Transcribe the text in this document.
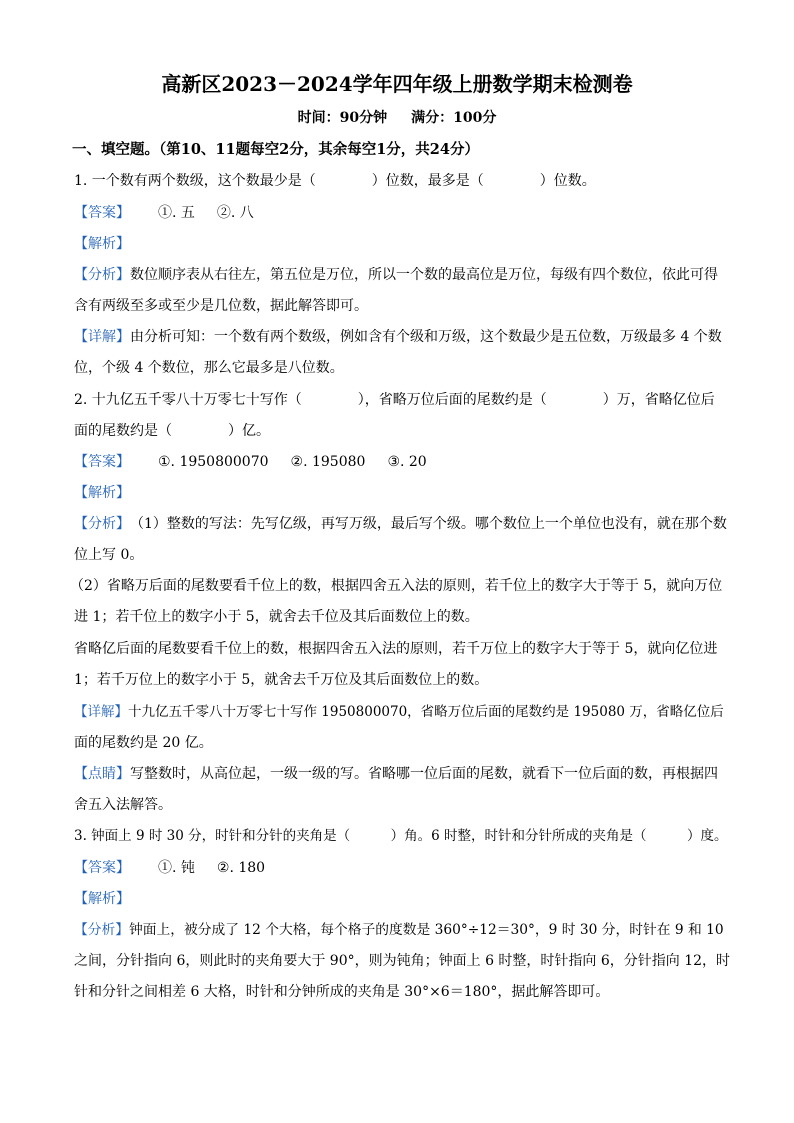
高新区2023－2024学年四年级上册数学期末检测卷
时间：90分钟 满分：100分
一、填空题。（第10、11题每空2分，其余每空1分，共24分）
1. 一个数有两个数级，这个数最少是（　　　　）位数，最多是（　　　　）位数。
【答案】 ①. 五 ②. 八
【解析】
【分析】数位顺序表从右往左，第五位是万位，所以一个数的最高位是万位，每级有四个数位，依此可得
含有两级至多或至少是几位数，据此解答即可。
【详解】由分析可知：一个数有两个数级，例如含有个级和万级，这个数最少是五位数，万级最多 4 个数
位，个级 4 个数位，那么它最多是八位数。
2. 十九亿五千零八十万零七十写作（　　　　），省略万位后面的尾数约是（　　　　）万，省略亿位后
面的尾数约是（　　　　）亿。
【答案】 ①. 1950800070 ②. 195080 ③. 20
【解析】
【分析】（1）整数的写法：先写亿级，再写万级，最后写个级。哪个数位上一个单位也没有，就在那个数
位上写 0。
（2）省略万后面的尾数要看千位上的数，根据四舍五入法的原则，若千位上的数字大于等于 5，就向万位
进 1；若千位上的数字小于 5，就舍去千位及其后面数位上的数。
省略亿后面的尾数要看千位上的数，根据四舍五入法的原则，若千万位上的数字大于等于 5，就向亿位进
1；若千万位上的数字小于 5，就舍去千万位及其后面数位上的数。
【详解】十九亿五千零八十万零七十写作 1950800070，省略万位后面的尾数约是 195080 万，省略亿位后
面的尾数约是 20 亿。
【点睛】写整数时，从高位起，一级一级的写。省略哪一位后面的尾数，就看下一位后面的数，再根据四
舍五入法解答。
3. 钟面上 9 时 30 分，时针和分针的夹角是（　　　）角。6 时整，时针和分针所成的夹角是（　　　）度。
【答案】 ①. 钝 ②. 180
【解析】
【分析】钟面上，被分成了 12 个大格，每个格子的度数是 360°÷12＝30°，9 时 30 分，时针在 9 和 10
之间，分针指向 6，则此时的夹角要大于 90°，则为钝角；钟面上 6 时整，时针指向 6，分针指向 12，时
针和分针之间相差 6 大格，时针和分钟所成的夹角是 30°×6＝180°，据此解答即可。
